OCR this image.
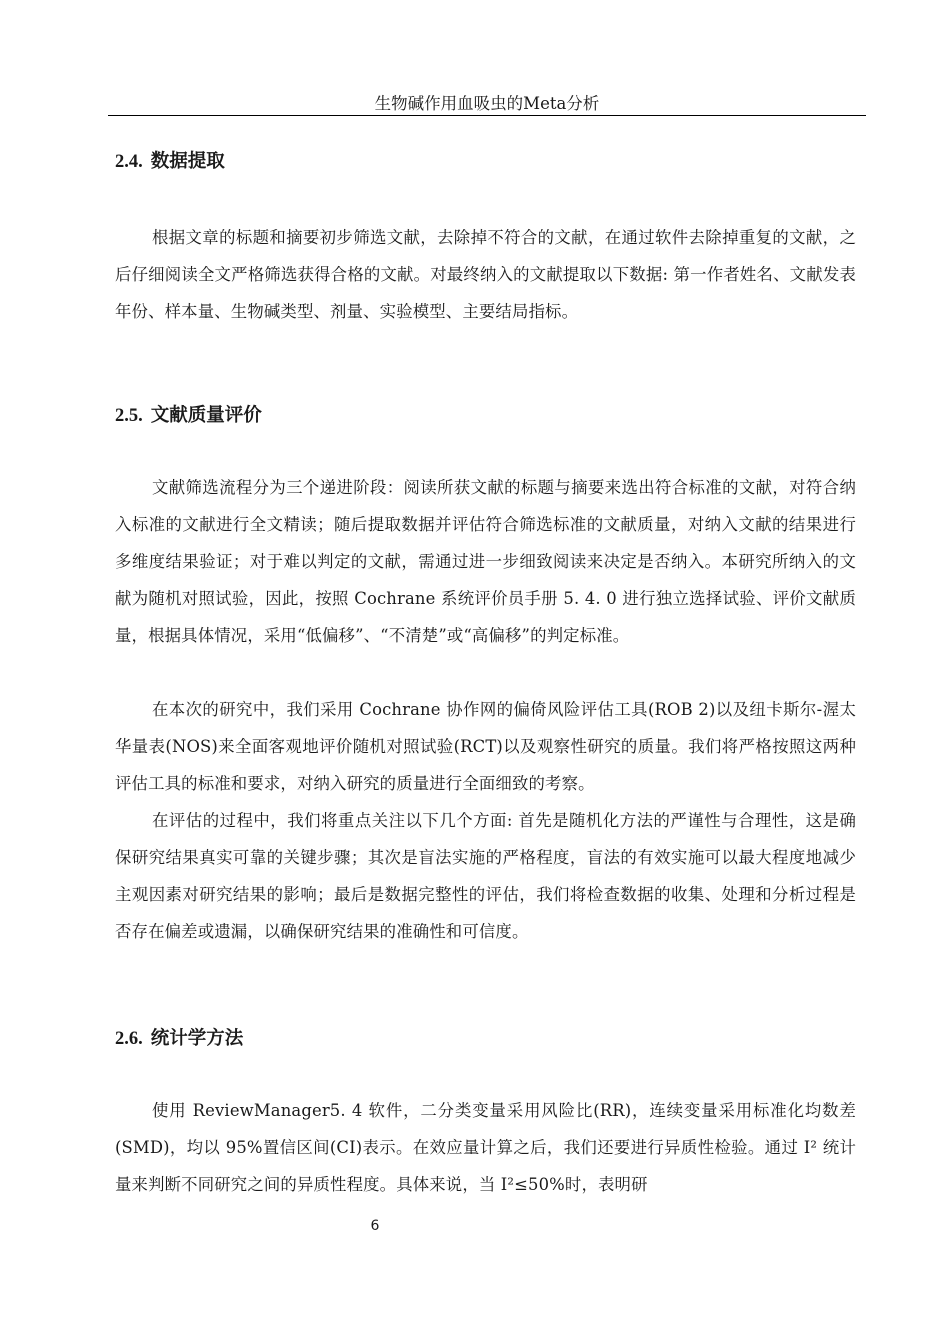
生物碱作用血吸虫的Meta分析
2.4. 数据提取

根据文章的标题和摘要初步筛选文献，去除掉不符合的文献，在通过软件去除掉重复的文献，之后仔细阅读全文严格筛选获得合格的文献。对最终纳入的文献提取以下数据: 第一作者姓名、文献发表年份、样本量、生物碱类型、剂量、实验模型、主要结局指标。

2.5. 文献质量评价

文献筛选流程分为三个递进阶段：阅读所获文献的标题与摘要来选出符合标准的文献，对符合纳入标准的文献进行全文精读；随后提取数据并评估符合筛选标准的文献质量，对纳入文献的结果进行多维度结果验证；对于难以判定的文献，需通过进一步细致阅读来决定是否纳入。本研究所纳入的文献为随机对照试验，因此，按照 Cochrane 系统评价员手册 5. 4. 0 进行独立选择试验、评价文献质量，根据具体情况，采用“低偏移”、“不清楚”或“高偏移”的判定标准。

在本次的研究中，我们采用 Cochrane 协作网的偏倚风险评估工具(ROB 2)以及纽卡斯尔-渥太华量表(NOS)来全面客观地评价随机对照试验(RCT)以及观察性研究的质量。我们将严格按照这两种评估工具的标准和要求，对纳入研究的质量进行全面细致的考察。

在评估的过程中，我们将重点关注以下几个方面: 首先是随机化方法的严谨性与合理性，这是确保研究结果真实可靠的关键步骤；其次是盲法实施的严格程度，盲法的有效实施可以最大程度地减少主观因素对研究结果的影响；最后是数据完整性的评估，我们将检查数据的收集、处理和分析过程是否存在偏差或遗漏，以确保研究结果的准确性和可信度。

2.6. 统计学方法

使用 ReviewManager5. 4 软件，二分类变量采用风险比(RR)，连续变量采用标准化均数差(SMD)，均以 95%置信区间(CI)表示。在效应量计算之后，我们还要进行异质性检验。通过 I² 统计量来判断不同研究之间的异质性程度。具体来说，当 I²≤50%时，表明研

6
